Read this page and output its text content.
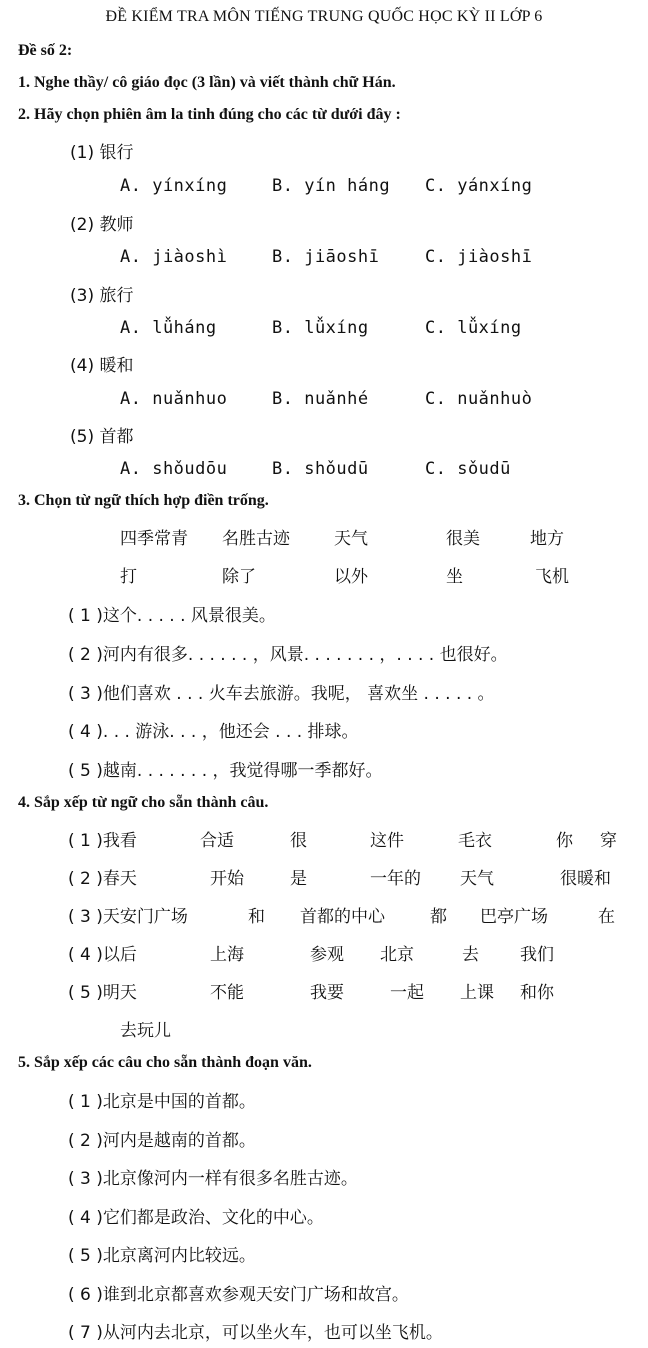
ĐỀ KIỂM TRA MÔN TIẾNG TRUNG QUỐC HỌC KỲ II LỚP 6
Đề số 2:
1. Nghe thầy/ cô giáo đọc (3 lần) và viết thành chữ Hán.
2. Hãy chọn phiên âm la tinh đúng cho các từ dưới đây :
(1) 银行
A. yínxíng	B. yín háng C. yánxíng
(2) 教师
A. jiàoshì	B. jiāoshī	C. jiàoshī
(3) 旅行
A. lǚháng	B. lǚxíng	C. lǚxíng
(4) 暖和
A. nuǎnhuo	B. nuǎnhé	C. nuǎnhuò
(5) 首都
A. shǒudōu	B. shǒudū	C. sǒudū
3. Chọn từ ngữ thích hợp điền trống.
四季常青 名胜古迹	天气	很美	地方
打	除了	以外	坐	飞机
( 1 )这个. . . . . 风景很美。
( 2 )河内有很多. . . . . . ，风景. . . . . . . ，. . . . 也很好。
( 3 )他们喜欢 . . . 火车去旅游。我呢， 喜欢坐 . . . . . 。
( 4 ). . . 游泳. . . ，他还会 . . . 排球。
( 5 )越南. . . . . . . ，我觉得哪一季都好。
4. Sắp xếp từ ngữ cho sẵn thành câu.
( 1 )我看	合适	很	这件	毛衣	你 穿
( 2 )春天	开始	是	一年的 天气	很暖和
( 3 )天安门广场	和 首都的中心	都 巴亭广场	在
( 4 )以后	上海	参观 北京	去 我们
( 5 )明天	不能	我要	一起 上课 和你
去玩儿
5. Sắp xếp các câu cho sẵn thành đoạn văn.
( 1 )北京是中国的首都。
( 2 )河内是越南的首都。
( 3 )北京像河内一样有很多名胜古迹。
( 4 )它们都是政治、文化的中心。
( 5 )北京离河内比较远。
( 6 )谁到北京都喜欢参观天安门广场和故宫。
( 7 )从河内去北京，可以坐火车，也可以坐飞机。
